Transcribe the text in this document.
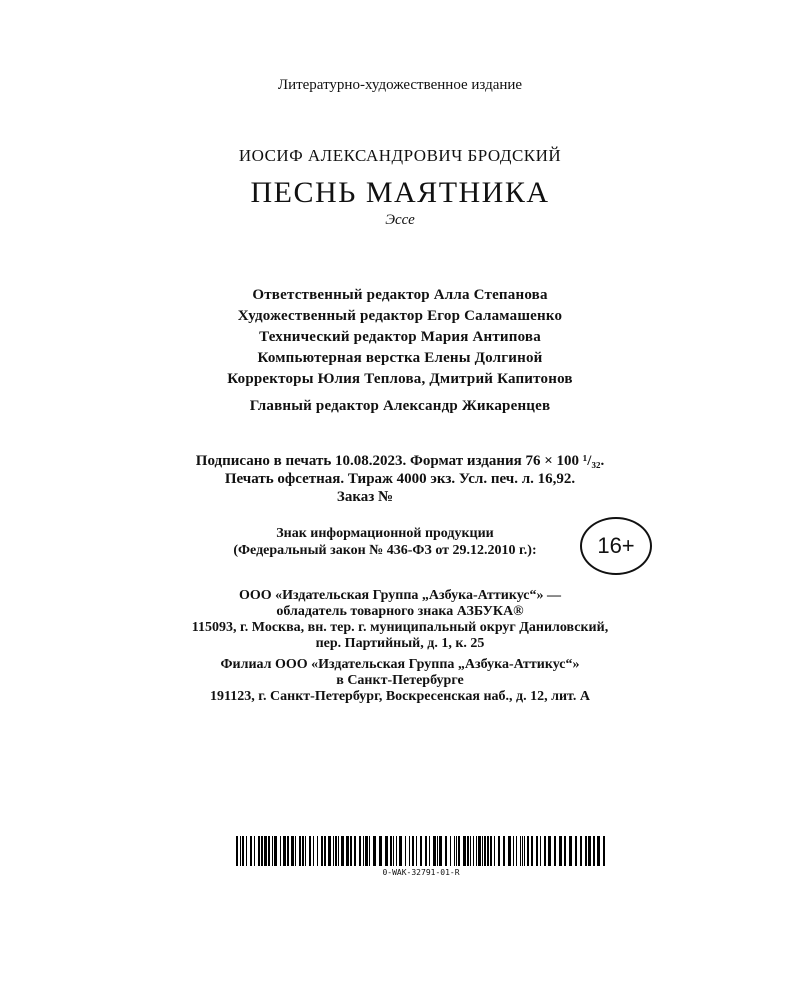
Литературно-художественное издание
ИОСИФ АЛЕКСАНДРОВИЧ БРОДСКИЙ
ПЕСНЬ МАЯТНИКА
Эссе
Ответственный редактор Алла Степанова
Художественный редактор Егор Саламашенко
Технический редактор Мария Антипова
Компьютерная верстка Елены Долгиной
Корректоры Юлия Теплова, Дмитрий Капитонов
Главный редактор Александр Жикаренцев
Подписано в печать 10.08.2023. Формат издания 76 × 100 ¹/₃₂.
Печать офсетная. Тираж 4000 экз. Усл. печ. л. 16,92.
Заказ №
Знак информационной продукции
(Федеральный закон № 436-ФЗ от 29.12.2010 г.):	16+
ООО «Издательская Группа „Азбука-Аттикус“» —
обладатель товарного знака АЗБУКА®
115093, г. Москва, вн. тер. г. муниципальный округ Даниловский,
пер. Партийный, д. 1, к. 25
Филиал ООО «Издательская Группа „Азбука-Аттикус“»
в Санкт-Петербурге
191123, г. Санкт-Петербург, Воскресенская наб., д. 12, лит. А
0-WAK-32791-01-R
